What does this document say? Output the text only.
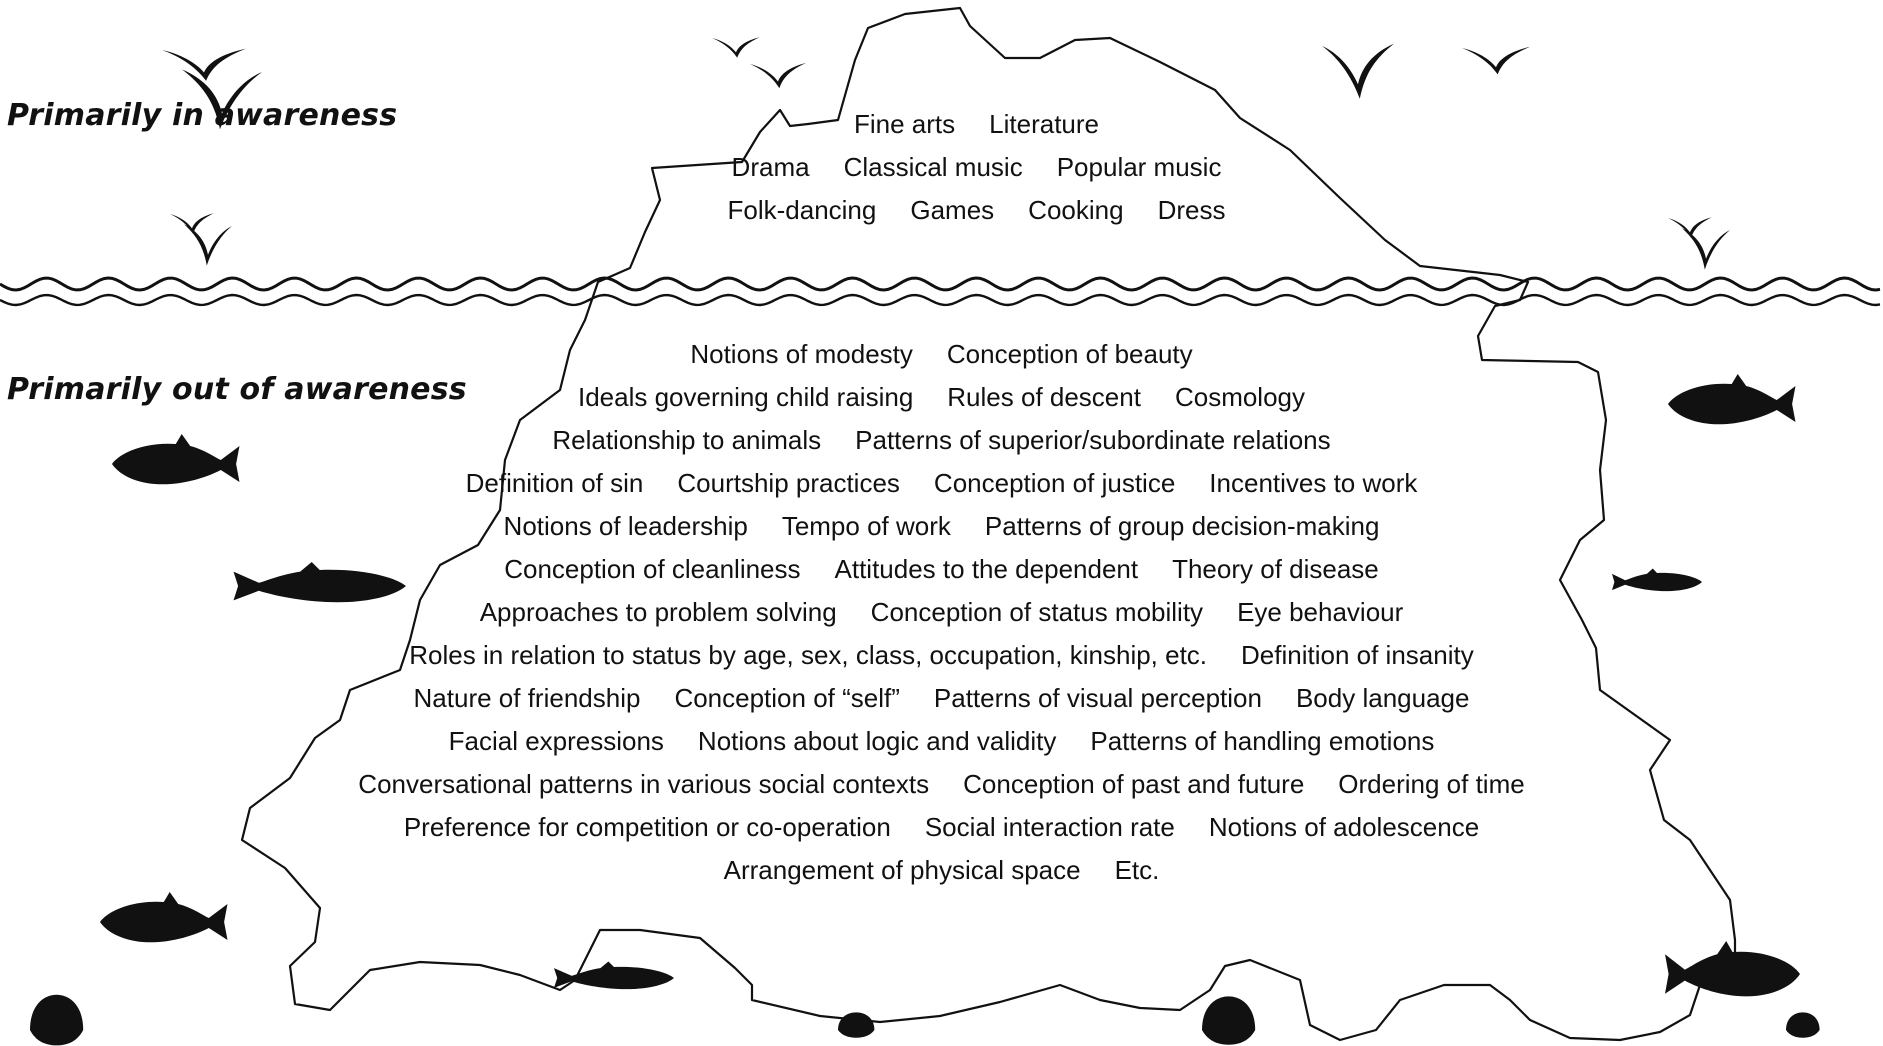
Primarily in awareness
Primarily out of awareness
Fine arts Literature
Drama Classical music Popular music
Folk-dancing Games Cooking Dress
Notions of modesty Conception of beauty
Ideals governing child raising Rules of descent Cosmology
Relationship to animals Patterns of superior/subordinate relations
Definition of sin Courtship practices Conception of justice Incentives to work
Notions of leadership Tempo of work Patterns of group decision-making
Conception of cleanliness Attitudes to the dependent Theory of disease
Approaches to problem solving Conception of status mobility Eye behaviour
Roles in relation to status by age, sex, class, occupation, kinship, etc. Definition of insanity
Nature of friendship Conception of “self” Patterns of visual perception Body language
Facial expressions Notions about logic and validity Patterns of handling emotions
Conversational patterns in various social contexts Conception of past and future Ordering of time
Preference for competition or co-operation Social interaction rate Notions of adolescence
Arrangement of physical space Etc.
